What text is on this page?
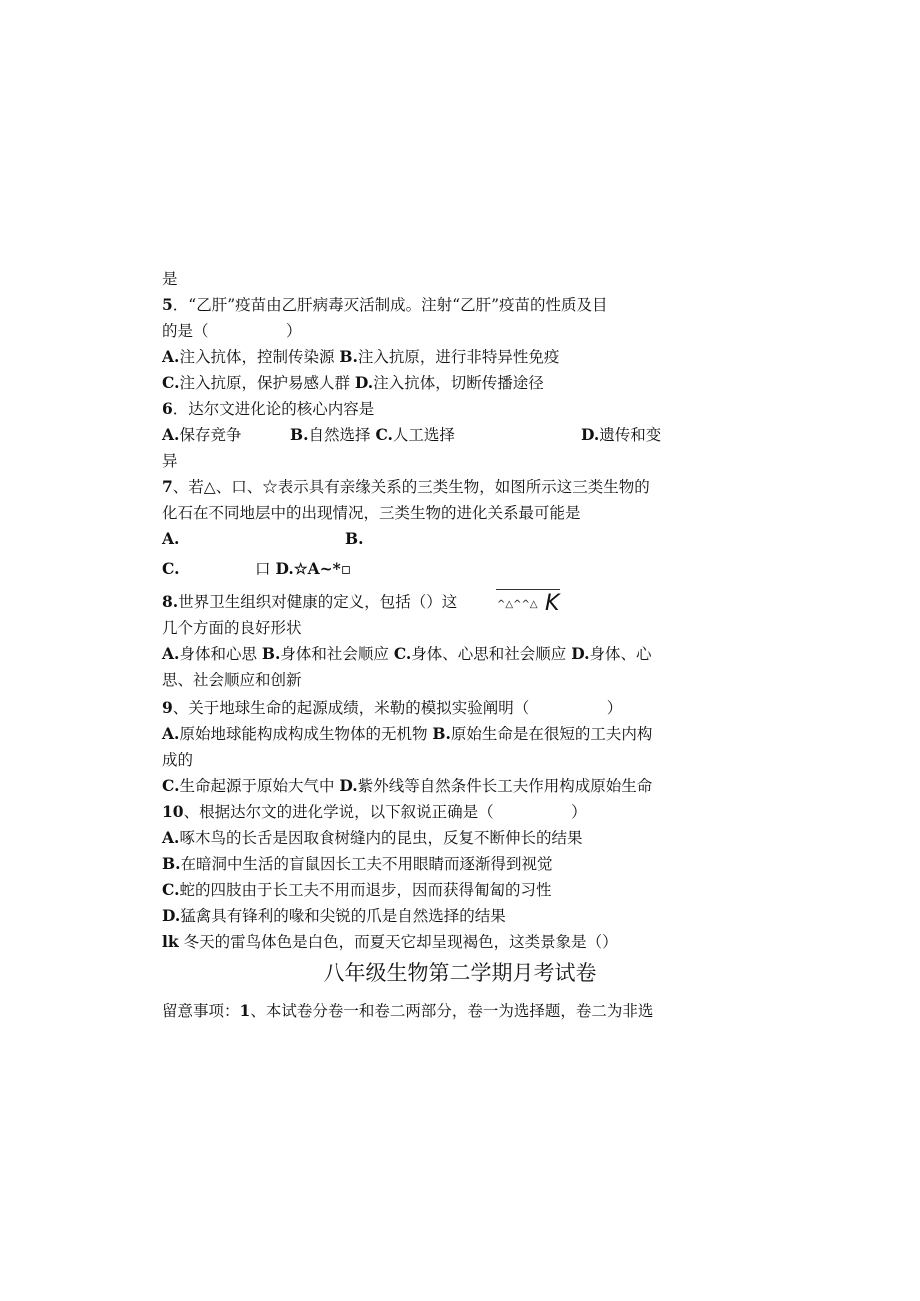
是
5．“乙肝”疫苗由乙肝病毒灭活制成。注射“乙肝”疫苗的性质及目
的是（　　　　　）
A.注入抗体，控制传染源 B.注入抗原，进行非特异性免疫
C.注入抗原，保护易感人群 D.注入抗体，切断传播途径
6．达尔文进化论的核心内容是
A.保存竞争	B.自然选择 C.人工选择	D.遗传和变
异
7、若△、口、☆表示具有亲缘关系的三类生物，如图所示这三类生物的
化石在不同地层中的出现情况，三类生物的进化关系最可能是
A.	B.
C.	口 D.☆A~*▫
8.世界卫生组织对健康的定义，包括（）这	^△^^△ K
几个方面的良好形状
A.身体和心思 B.身体和社会顺应 C.身体、心思和社会顺应 D.身体、心
思、社会顺应和创新
9、关于地球生命的起源成绩，米勒的模拟实验阐明（　　　　　）
A.原始地球能构成构成生物体的无机物 B.原始生命是在很短的工夫内构
成的
C.生命起源于原始大气中 D.紫外线等自然条件长工夫作用构成原始生命
10、根据达尔文的进化学说，以下叙说正确是（　　　　　）
A.啄木鸟的长舌是因取食树缝内的昆虫，反复不断伸长的结果
B.在暗洞中生活的盲鼠因长工夫不用眼睛而逐渐得到视觉
C.蛇的四肢由于长工夫不用而退步，因而获得匍匐的习性
D.猛禽具有锋利的喙和尖锐的爪是自然选择的结果
lk 冬天的雷鸟体色是白色，而夏天它却呈现褐色，这类景象是（）
八年级生物第二学期月考试卷
留意事项：1、本试卷分卷一和卷二两部分，卷一为选择题，卷二为非选
